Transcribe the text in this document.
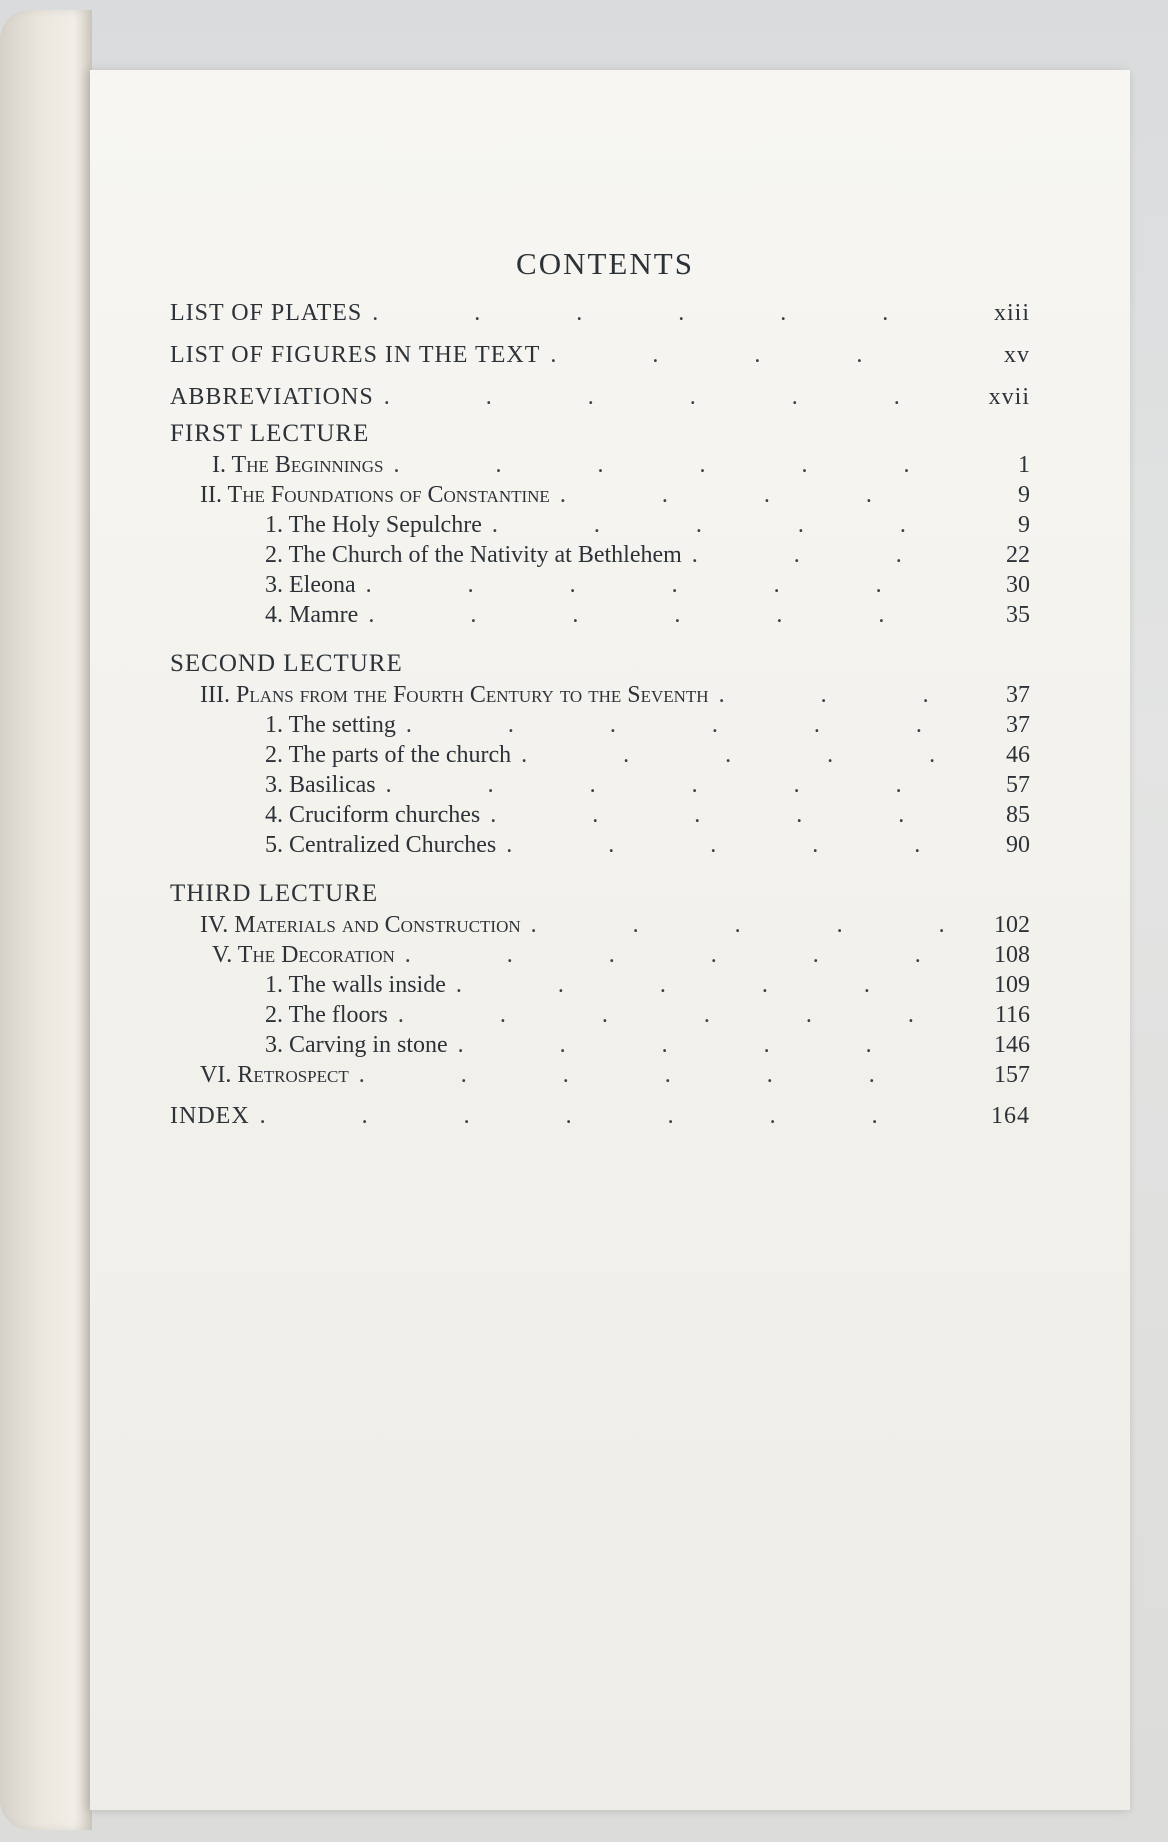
CONTENTS
LIST OF PLATES .	xiii
LIST OF FIGURES IN THE TEXT .	xv
ABBREVIATIONS .	xvii
FIRST LECTURE
I. The Beginnings .	1
II. The Foundations of Constantine .	9
1. The Holy Sepulchre .	9
2. The Church of the Nativity at Bethlehem .	22
3. Eleona .	30
4. Mamre .	35
SECOND LECTURE
III. Plans from the Fourth Century to the Seventh .	37
1. The setting .	37
2. The parts of the church .	46
3. Basilicas .	57
4. Cruciform churches .	85
5. Centralized Churches .	90
THIRD LECTURE
IV. Materials and Construction .	102
V. The Decoration .	108
1. The walls inside .	109
2. The floors .	116
3. Carving in stone .	146
VI. Retrospect .	157
INDEX .	164
